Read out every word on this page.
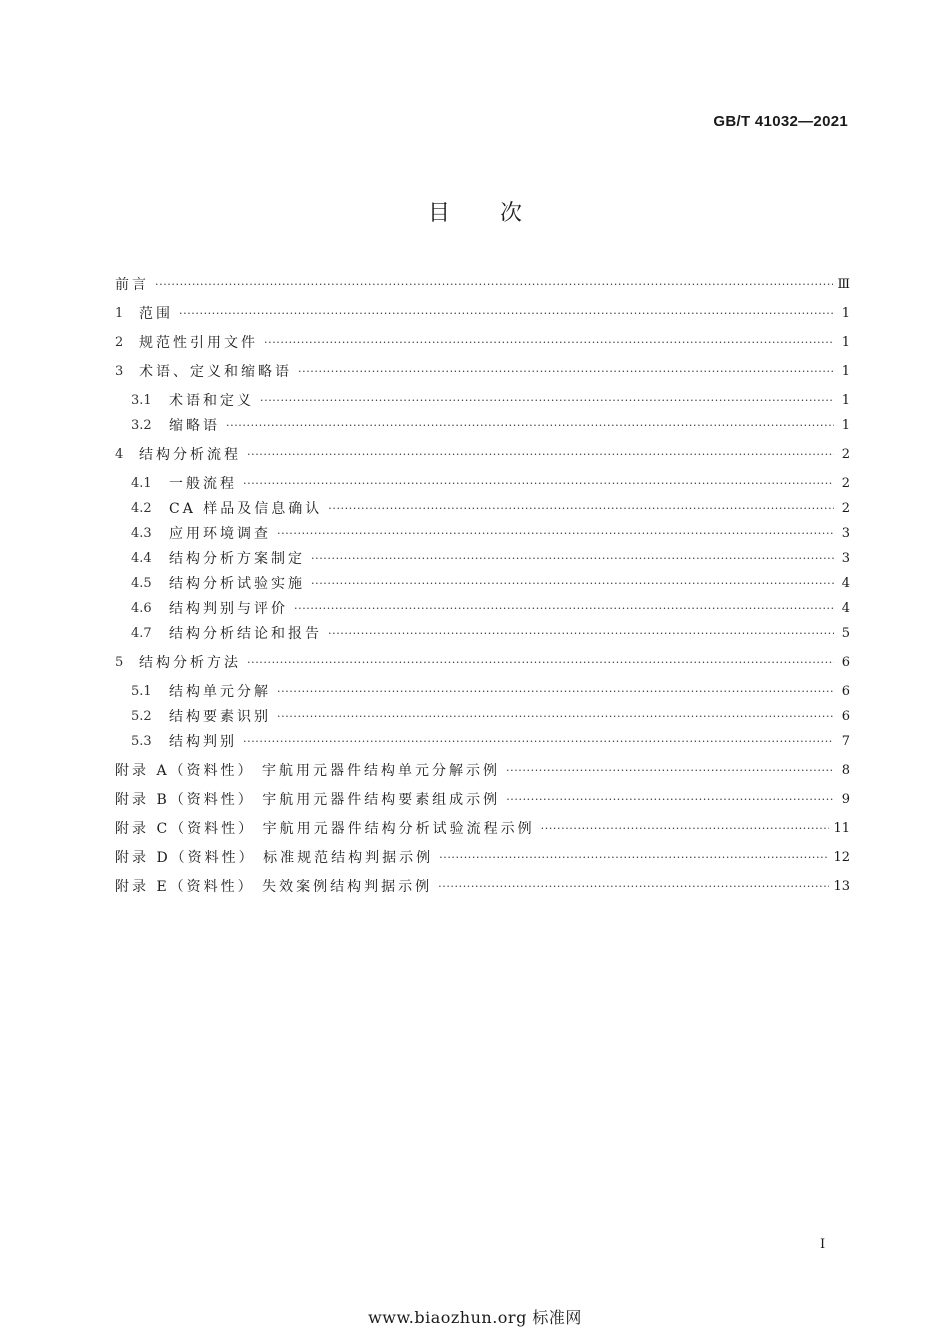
GB/T 41032—2021
目次
前言 ·····	Ⅲ
1	范围 ·····	1
2	规范性引用文件 ·····	1
3	术语、定义和缩略语 ·····	1
3.1	术语和定义 ·····	1
3.2	缩略语 ·····	1
4	结构分析流程 ·····	2
4.1	一般流程 ·····	2
4.2	CA 样品及信息确认 ·····	2
4.3	应用环境调查 ·····	3
4.4	结构分析方案制定 ·····	3
4.5	结构分析试验实施 ·····	4
4.6	结构判别与评价 ·····	4
4.7	结构分析结论和报告 ·····	5
5	结构分析方法 ·····	6
5.1	结构单元分解 ·····	6
5.2	结构要素识别 ·····	6
5.3	结构判别 ·····	7
附录 A（资料性） 宇航用元器件结构单元分解示例 ·····	8
附录 B（资料性） 宇航用元器件结构要素组成示例 ·····	9
附录 C（资料性） 宇航用元器件结构分析试验流程示例 ·····	11
附录 D（资料性） 标准规范结构判据示例 ·····	12
附录 E（资料性） 失效案例结构判据示例 ·····	13
I
www.biaozhun.org 标准网
